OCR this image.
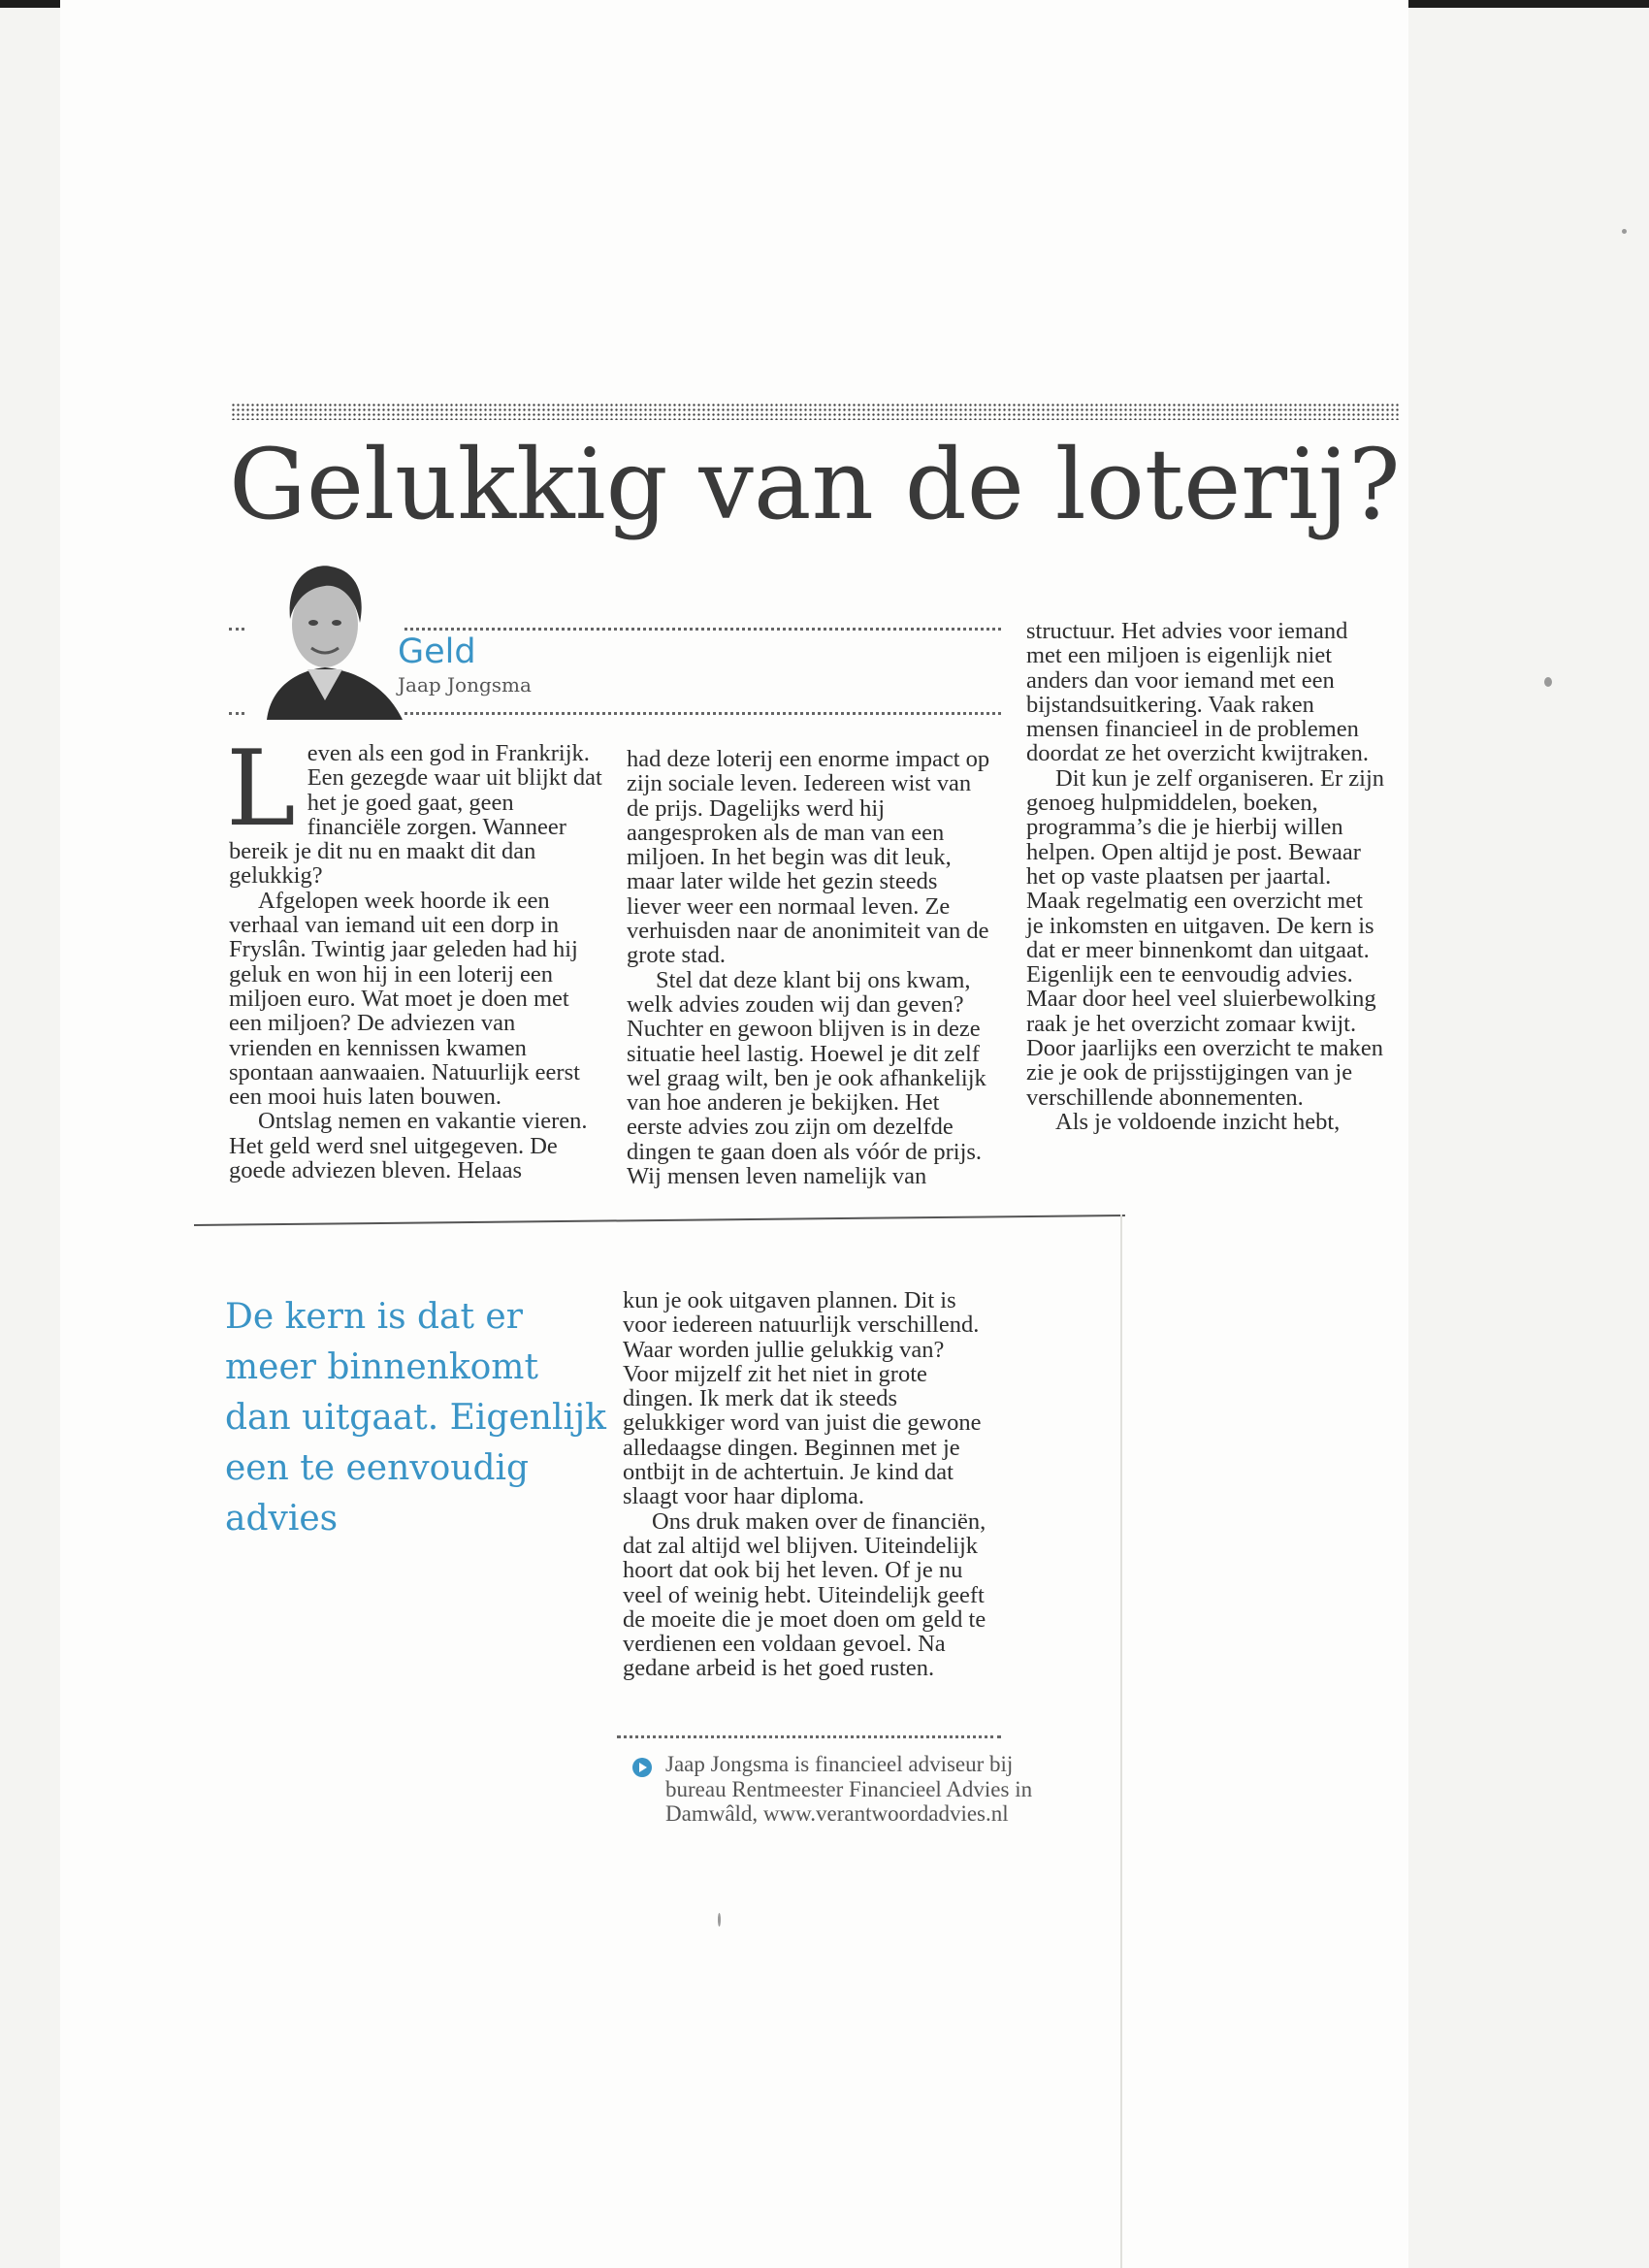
Gelukkig van de loterij?
Geld
Jaap Jongsma

Leven als een god in Frankrijk. Een gezegde waar uit blijkt dat het je goed gaat, geen financiële zorgen. Wanneer bereik je dit nu en maakt dit dan gelukkig?

Afgelopen week hoorde ik een verhaal van iemand uit een dorp in Fryslân. Twintig jaar geleden had hij geluk en won hij in een loterij een miljoen euro. Wat moet je doen met een miljoen? De adviezen van vrienden en kennissen kwamen spontaan aanwaaien. Natuurlijk eerst een mooi huis laten bouwen.

Ontslag nemen en vakantie vieren. Het geld werd snel uitgegeven. De goede adviezen bleven. Helaas

had deze loterij een enorme impact op zijn sociale leven. Iedereen wist van de prijs. Dagelijks werd hij aangesproken als de man van een miljoen. In het begin was dit leuk, maar later wilde het gezin steeds liever weer een normaal leven. Ze verhuisden naar de anonimiteit van de grote stad.

Stel dat deze klant bij ons kwam, welk advies zouden wij dan geven? Nuchter en gewoon blijven is in deze situatie heel lastig. Hoewel je dit zelf wel graag wilt, ben je ook afhankelijk van hoe anderen je bekijken. Het eerste advies zou zijn om dezelfde dingen te gaan doen als vóór de prijs. Wij mensen leven namelijk van

structuur. Het advies voor iemand met een miljoen is eigenlijk niet anders dan voor iemand met een bijstandsuitkering. Vaak raken mensen financieel in de problemen doordat ze het overzicht kwijtraken.

Dit kun je zelf organiseren. Er zijn genoeg hulpmiddelen, boeken, programma’s die je hierbij willen helpen. Open altijd je post. Bewaar het op vaste plaatsen per jaartal. Maak regelmatig een overzicht met je inkomsten en uitgaven. De kern is dat er meer binnenkomt dan uitgaat. Eigenlijk een te eenvoudig advies. Maar door heel veel sluierbewolking raak je het overzicht zomaar kwijt. Door jaarlijks een overzicht te maken zie je ook de prijsstijgingen van je verschillende abonnementen.

Als je voldoende inzicht hebt,

De kern is dat er meer binnenkomt dan uitgaat. Eigenlijk een te eenvoudig advies

kun je ook uitgaven plannen. Dit is voor iedereen natuurlijk verschillend. Waar worden jullie gelukkig van? Voor mijzelf zit het niet in grote dingen. Ik merk dat ik steeds gelukkiger word van juist die gewone alledaagse dingen. Beginnen met je ontbijt in de achtertuin. Je kind dat slaagt voor haar diploma.

Ons druk maken over de financiën, dat zal altijd wel blijven. Uiteindelijk hoort dat ook bij het leven. Of je nu veel of weinig hebt. Uiteindelijk geeft de moeite die je moet doen om geld te verdienen een voldaan gevoel. Na gedane arbeid is het goed rusten.

Jaap Jongsma is financieel adviseur bij bureau Rentmeester Financieel Advies in Damwâld, www.verantwoordadvies.nl
